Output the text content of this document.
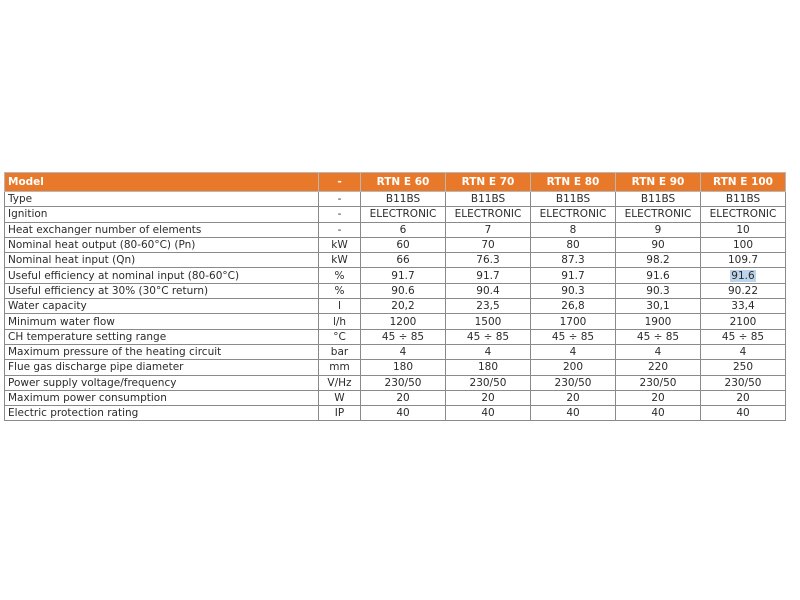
Model	-	RTN E 60	RTN E 70	RTN E 80	RTN E 90	RTN E 100
Type	-	B11BS	B11BS	B11BS	B11BS	B11BS
Ignition	-	ELECTRONIC	ELECTRONIC	ELECTRONIC	ELECTRONIC	ELECTRONIC
Heat exchanger number of elements	-	6	7	8	9	10
Nominal heat output (80-60°C) (Pn)	kW	60	70	80	90	100
Nominal heat input (Qn)	kW	66	76.3	87.3	98.2	109.7
Useful efficiency at nominal input (80-60°C)	%	91.7	91.7	91.7	91.6	91.6
Useful efficiency at 30% (30°C return)	%	90.6	90.4	90.3	90.3	90.22
Water capacity	l	20,2	23,5	26,8	30,1	33,4
Minimum water flow	l/h	1200	1500	1700	1900	2100
CH temperature setting range	°C	45 ÷ 85	45 ÷ 85	45 ÷ 85	45 ÷ 85	45 ÷ 85
Maximum pressure of the heating circuit	bar	4	4	4	4	4
Flue gas discharge pipe diameter	mm	180	180	200	220	250
Power supply voltage/frequency	V/Hz	230/50	230/50	230/50	230/50	230/50
Maximum power consumption	W	20	20	20	20	20
Electric protection rating	IP	40	40	40	40	40
